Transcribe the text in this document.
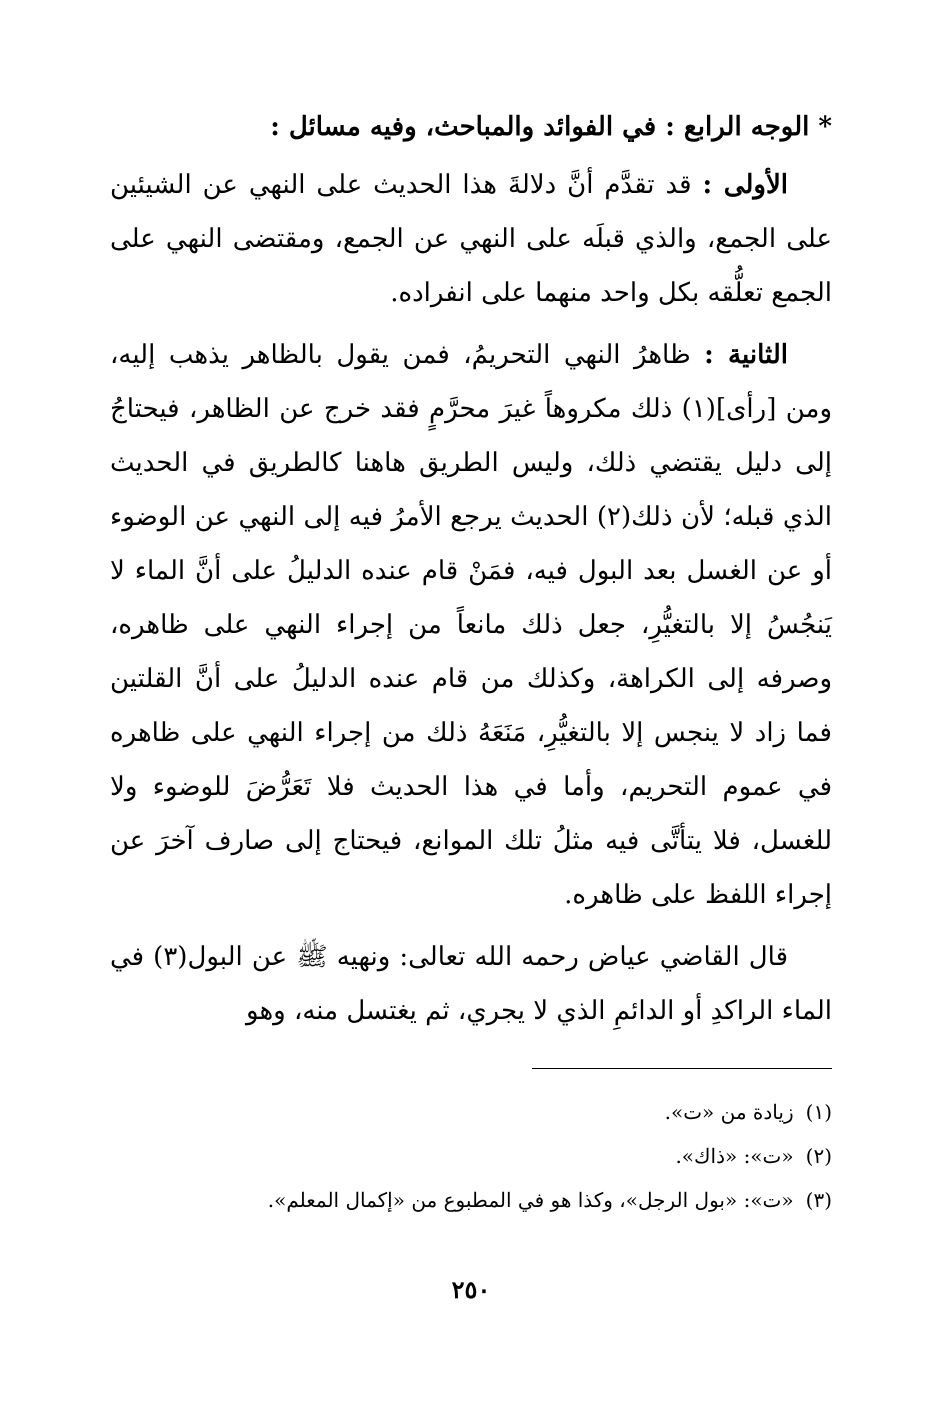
* الوجه الرابع : في الفوائد والمباحث، وفيه مسائل :

الأولى : قد تقدَّم أنَّ دلالةَ هذا الحديث على النهي عن الشيئين على الجمع، والذي قبلَه على النهي عن الجمع، ومقتضى النهي على الجمع تعلُّقه بكل واحد منهما على انفراده.

الثانية : ظاهرُ النهي التحريمُ، فمن يقول بالظاهر يذهب إليه، ومن [رأى](١) ذلك مكروهاً غيرَ محرَّمٍ فقد خرج عن الظاهر، فيحتاجُ إلى دليل يقتضي ذلك، وليس الطريق هاهنا كالطريق في الحديث الذي قبله؛ لأن ذلك(٢) الحديث يرجع الأمرُ فيه إلى النهي عن الوضوء أو عن الغسل بعد البول فيه، فمَنْ قام عنده الدليلُ على أنَّ الماء لا يَنجُسُ إلا بالتغيُّرِ، جعل ذلك مانعاً من إجراء النهي على ظاهره، وصرفه إلى الكراهة، وكذلك من قام عنده الدليلُ على أنَّ القلتين فما زاد لا ينجس إلا بالتغيُّرِ، مَنَعَهُ ذلك من إجراء النهي على ظاهره في عموم التحريم، وأما في هذا الحديث فلا تَعَرُّضَ للوضوء ولا للغسل، فلا يتأتَّى فيه مثلُ تلك الموانع، فيحتاج إلى صارف آخرَ عن إجراء اللفظ على ظاهره.

قال القاضي عياض رحمه الله تعالى: ونهيه ﷺ عن البول(٣) في الماء الراكدِ أو الدائمِ الذي لا يجري، ثم يغتسل منه، وهو

(١)زيادة من «ت».

(٢)«ت»: «ذاك».

(٣)«ت»: «بول الرجل»، وكذا هو في المطبوع من «إكمال المعلم».

٢٥٠
